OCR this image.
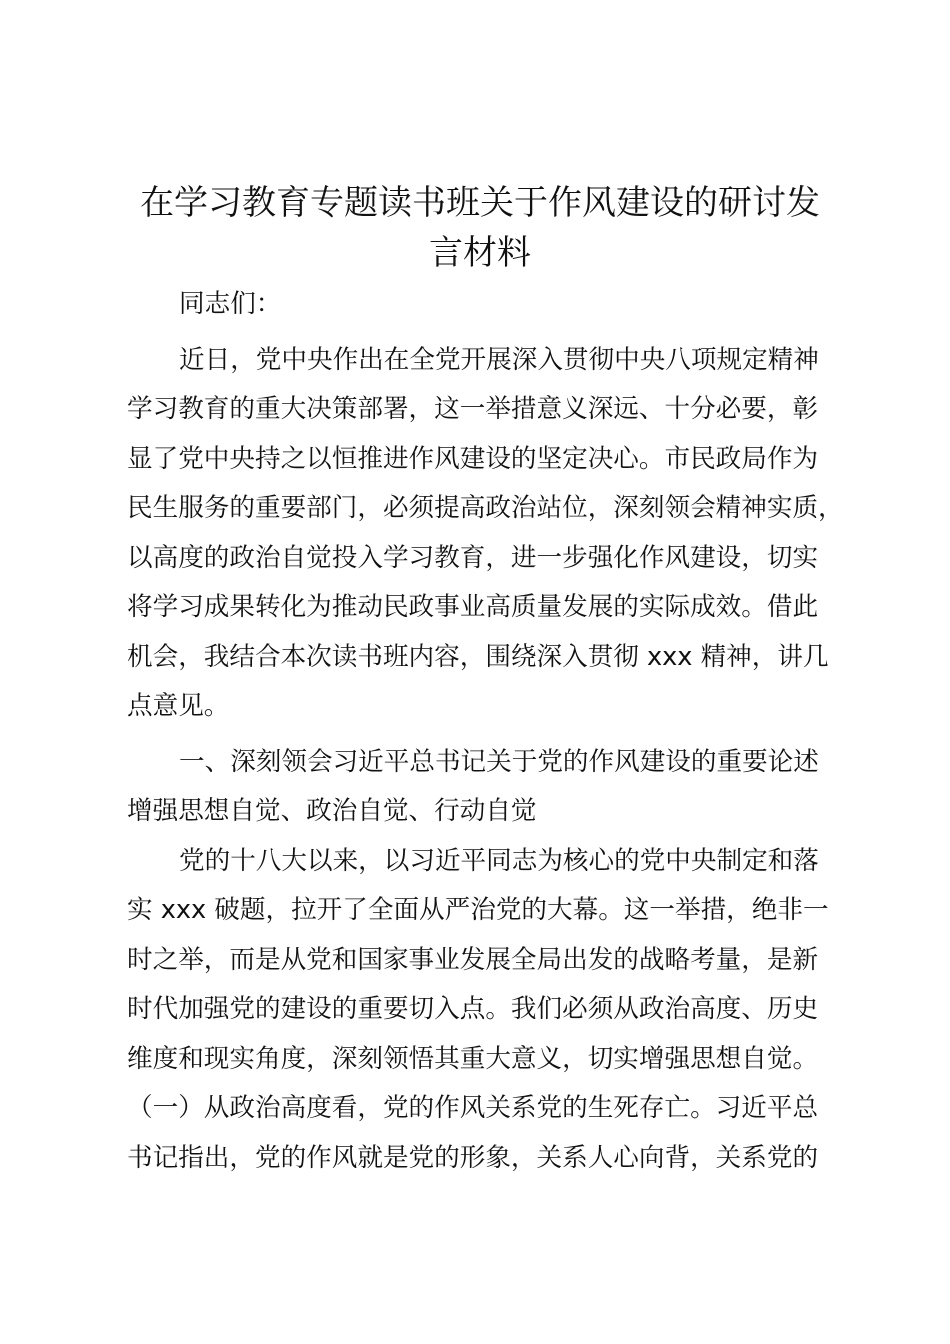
在学习教育专题读书班关于作风建设的研讨发
言材料
同志们：
近日，党中央作出在全党开展深入贯彻中央八项规定精神
学习教育的重大决策部署，这一举措意义深远、十分必要，彰
显了党中央持之以恒推进作风建设的坚定决心。市民政局作为
民生服务的重要部门，必须提高政治站位，深刻领会精神实质，
以高度的政治自觉投入学习教育，进一步强化作风建设，切实
将学习成果转化为推动民政事业高质量发展的实际成效。借此
机会，我结合本次读书班内容，围绕深入贯彻 xxx 精神，讲几
点意见。
一、深刻领会习近平总书记关于党的作风建设的重要论述
增强思想自觉、政治自觉、行动自觉
党的十八大以来，以习近平同志为核心的党中央制定和落
实 xxx 破题，拉开了全面从严治党的大幕。这一举措，绝非一
时之举，而是从党和国家事业发展全局出发的战略考量，是新
时代加强党的建设的重要切入点。我们必须从政治高度、历史
维度和现实角度，深刻领悟其重大意义，切实增强思想自觉。
（一）从政治高度看，党的作风关系党的生死存亡。习近平总
书记指出，党的作风就是党的形象，关系人心向背，关系党的
